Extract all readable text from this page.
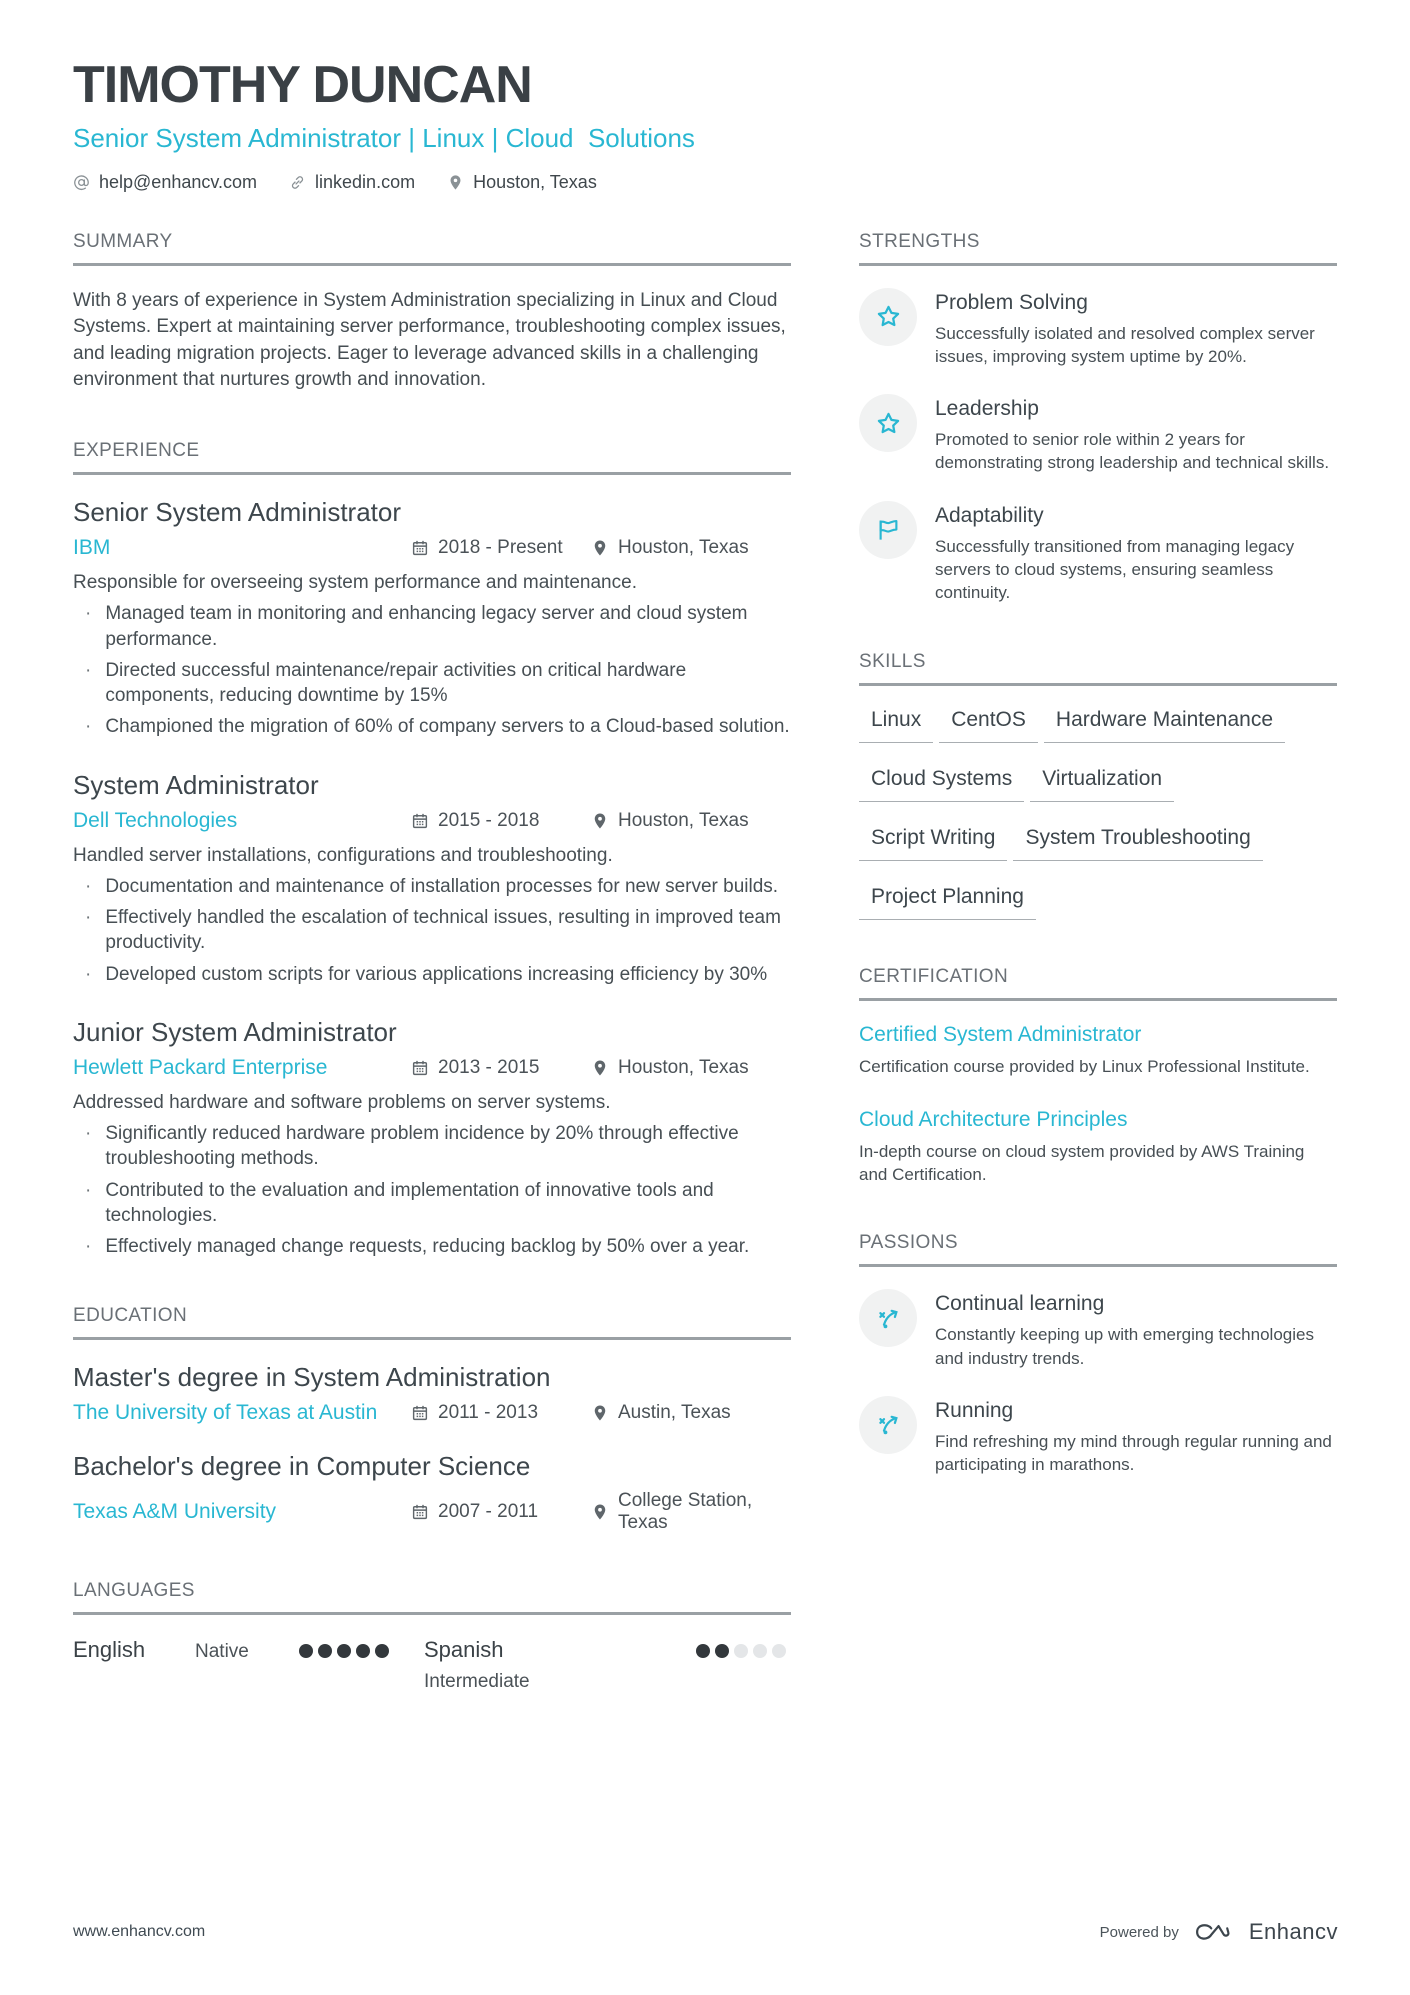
TIMOTHY DUNCAN
Senior System Administrator | Linux | Cloud  Solutions
help@enhancv.com	linkedin.com	Houston, Texas
SUMMARY

With 8 years of experience in System Administration specializing in Linux and Cloud Systems. Expert at maintaining server performance, troubleshooting complex issues, and leading migration projects. Eager to leverage advanced skills in a challenging environment that nurtures growth and innovation.

EXPERIENCE
Senior System Administrator
IBM	2018 - Present	Houston, Texas
Responsible for overseeing system performance and maintenance.
· Managed team in monitoring and enhancing legacy server and cloud system performance.
· Directed successful maintenance/repair activities on critical hardware components, reducing downtime by 15%
· Championed the migration of 60% of company servers to a Cloud-based solution.
System Administrator
Dell Technologies	2015 - 2018	Houston, Texas
Handled server installations, configurations and troubleshooting.
· Documentation and maintenance of installation processes for new server builds.
· Effectively handled the escalation of technical issues, resulting in improved team productivity.
· Developed custom scripts for various applications increasing efficiency by 30%
Junior System Administrator
Hewlett Packard Enterprise	2013 - 2015	Houston, Texas
Addressed hardware and software problems on server systems.
· Significantly reduced hardware problem incidence by 20% through effective troubleshooting methods.
· Contributed to the evaluation and implementation of innovative tools and technologies.
· Effectively managed change requests, reducing backlog by 50% over a year.
EDUCATION
Master's degree in System Administration
The University of Texas at Austin	2011 - 2013	Austin, Texas
Bachelor's degree in Computer Science
Texas A&M University	2007 - 2011
College Station, Texas
LANGUAGES
English	Native	Spanish
Intermediate
STRENGTHS
Problem Solving
Successfully isolated and resolved complex server issues, improving system uptime by 20%.
Leadership
Promoted to senior role within 2 years for demonstrating strong leadership and technical skills.
Adaptability
Successfully transitioned from managing legacy servers to cloud systems, ensuring seamless continuity.
SKILLS
Linux	CentOS	Hardware Maintenance
Cloud Systems	Virtualization
Script Writing	System Troubleshooting
Project Planning
CERTIFICATION
Certified System Administrator
Certification course provided by Linux Professional Institute.
Cloud Architecture Principles
In-depth course on cloud system provided by AWS Training and Certification.
PASSIONS
Continual learning
Constantly keeping up with emerging technologies and industry trends.
Running
Find refreshing my mind through regular running and participating in marathons.
www.enhancv.com	Powered by	Enhancv
